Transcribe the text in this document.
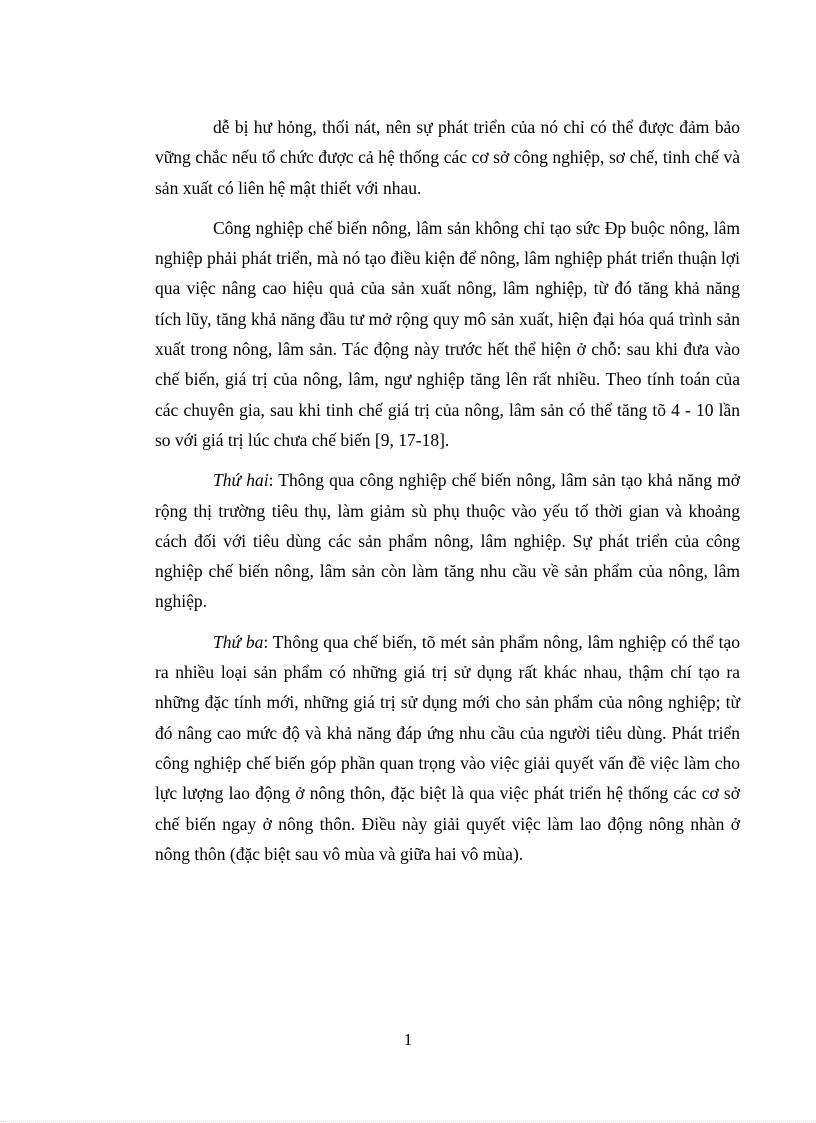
dễ bị hư hỏng, thối nát, nên sự phát triển của nó chỉ có thể được đảm bảo vững chắc nếu tổ chức được cả hệ thống các cơ sở công nghiệp, sơ chế, tinh chế và sản xuất có liên hệ mật thiết với nhau.

Công nghiệp chế biến nông, lâm sản không chỉ tạo sức Đp buộc nông, lâm nghiệp phải phát triển, mà nó tạo điều kiện để nông, lâm nghiệp phát triển thuận lợi qua việc nâng cao hiệu quả của sản xuất nông, lâm nghiệp, từ đó tăng khả năng tích lũy, tăng khả năng đầu tư mở rộng quy mô sản xuất, hiện đại hóa quá trình sản xuất trong nông, lâm sản. Tác động này trước hết thể hiện ở chỗ: sau khi đưa vào chế biến, giá trị của nông, lâm, ngư nghiệp tăng lên rất nhiều. Theo tính toán của các chuyên gia, sau khi tinh chế giá trị của nông, lâm sản có thể tăng tõ 4 - 10 lần so với giá trị lúc chưa chế biến [9, 17-18].

Thứ hai: Thông qua công nghiệp chế biến nông, lâm sản tạo khả năng mở rộng thị trường tiêu thụ, làm giảm sù phụ thuộc vào yếu tố thời gian và khoảng cách đối với tiêu dùng các sản phẩm nông, lâm nghiệp. Sự phát triển của công nghiệp chế biến nông, lâm sản còn làm tăng nhu cầu về sản phẩm của nông, lâm nghiệp.

Thứ ba: Thông qua chế biến, tõ mét sản phẩm nông, lâm nghiệp có thể tạo ra nhiều loại sản phẩm có những giá trị sử dụng rất khác nhau, thậm chí tạo ra những đặc tính mới, những giá trị sử dụng mới cho sản phẩm của nông nghiệp; từ đó nâng cao mức độ và khả năng đáp ứng nhu cầu của người tiêu dùng. Phát triển công nghiệp chế biến góp phần quan trọng vào việc giải quyết vấn đề việc làm cho lực lượng lao động ở nông thôn, đặc biệt là qua việc phát triển hệ thống các cơ sở chế biến ngay ở nông thôn. Điều này giải quyết việc làm lao động nông nhàn ở nông thôn (đặc biệt sau vô mùa và giữa hai vô mùa).

1
